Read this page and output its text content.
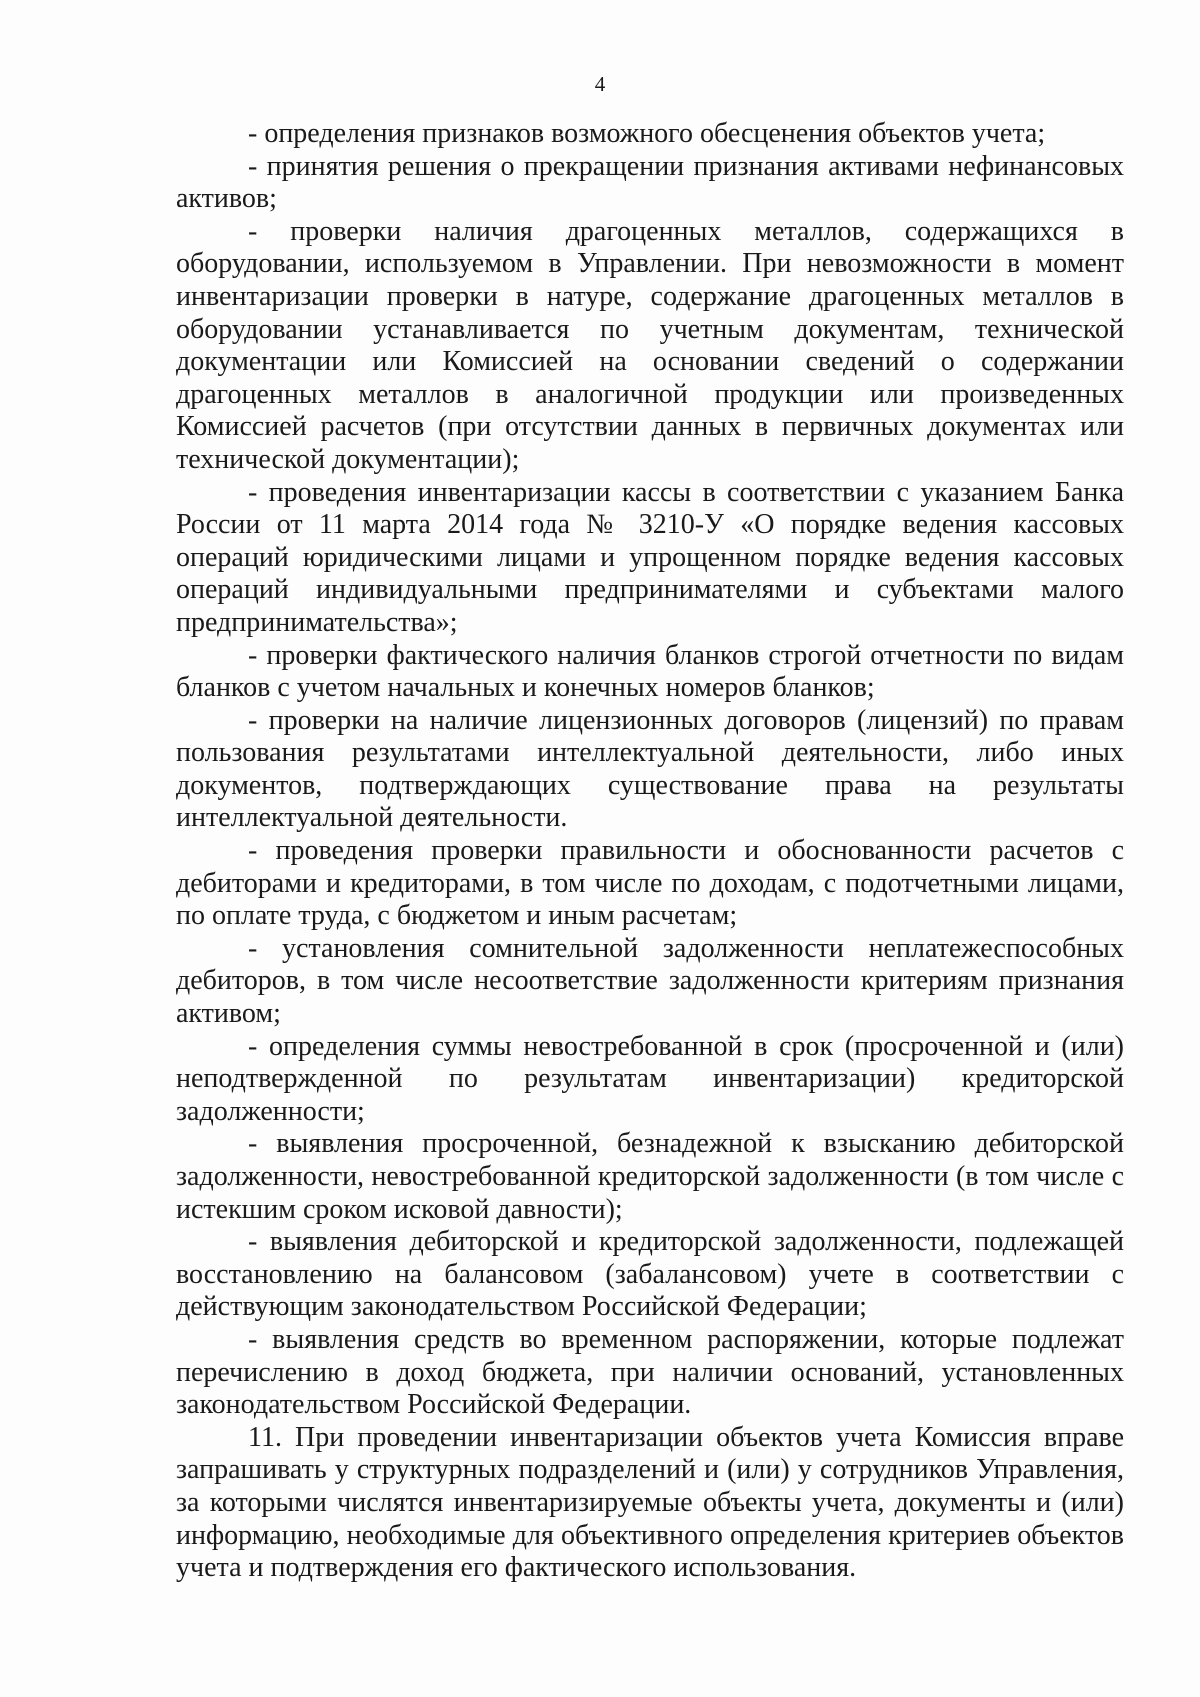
4

- определения признаков возможного обесценения объектов учета;

- принятия решения о прекращении признания активами нефинансовых активов;

- проверки наличия драгоценных металлов, содержащихся в оборудовании, используемом в Управлении. При невозможности в момент инвентаризации проверки в натуре, содержание драгоценных металлов в оборудовании устанавливается по учетным документам, технической документации или Комиссией на основании сведений о содержании драгоценных металлов в аналогичной продукции или произведенных Комиссией расчетов (при отсутствии данных в первичных документах или технической документации);

- проведения инвентаризации кассы в соответствии с указанием Банка России от 11 марта 2014 года № 3210-У «О порядке ведения кассовых операций юридическими лицами и упрощенном порядке ведения кассовых операций индивидуальными предпринимателями и субъектами малого предпринимательства»;

- проверки фактического наличия бланков строгой отчетности по видам бланков с учетом начальных и конечных номеров бланков;

- проверки на наличие лицензионных договоров (лицензий) по правам пользования результатами интеллектуальной деятельности, либо иных документов, подтверждающих существование права на результаты интеллектуальной деятельности.

- проведения проверки правильности и обоснованности расчетов с дебиторами и кредиторами, в том числе по доходам, с подотчетными лицами, по оплате труда, с бюджетом и иным расчетам;

- установления сомнительной задолженности неплатежеспособных дебиторов, в том числе несоответствие задолженности критериям признания активом;

- определения суммы невостребованной в срок (просроченной и (или) неподтвержденной по результатам инвентаризации) кредиторской задолженности;

- выявления просроченной, безнадежной к взысканию дебиторской задолженности, невостребованной кредиторской задолженности (в том числе с истекшим сроком исковой давности);

- выявления дебиторской и кредиторской задолженности, подлежащей восстановлению на балансовом (забалансовом) учете в соответствии с действующим законодательством Российской Федерации;

- выявления средств во временном распоряжении, которые подлежат перечислению в доход бюджета, при наличии оснований, установленных законодательством Российской Федерации.

11. При проведении инвентаризации объектов учета Комиссия вправе запрашивать у структурных подразделений и (или) у сотрудников Управления, за которыми числятся инвентаризируемые объекты учета, документы и (или) информацию, необходимые для объективного определения критериев объектов учета и подтверждения его фактического использования.
